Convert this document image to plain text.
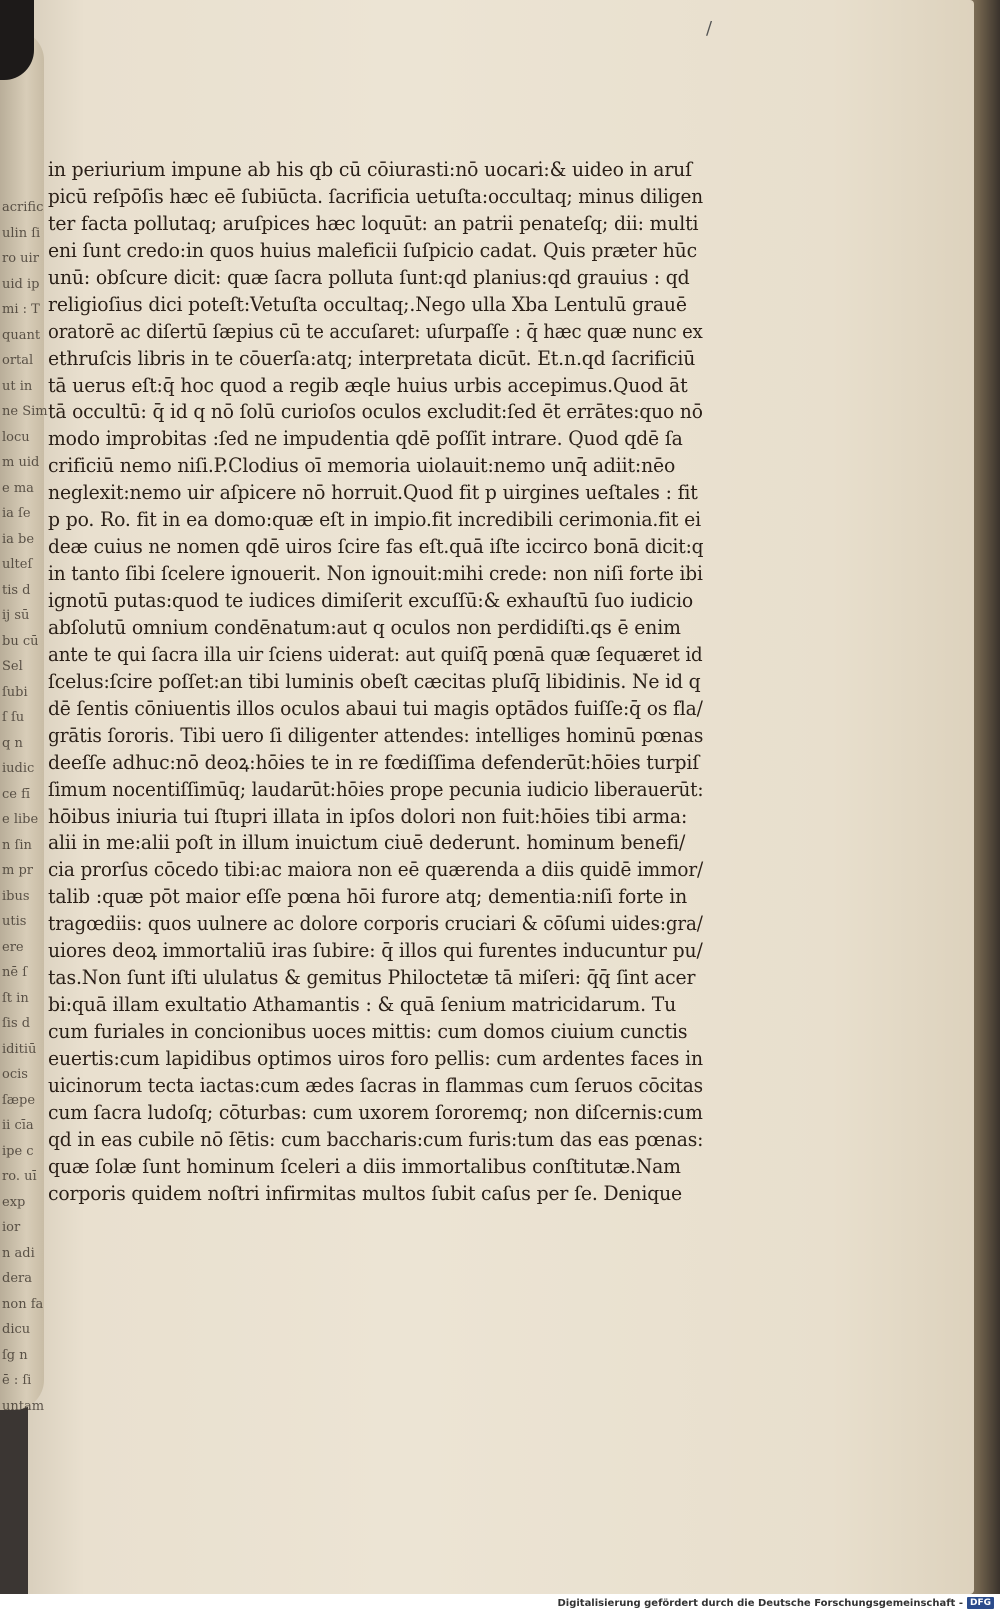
acrific
ulin ſi
ro uir
uid ip
mi : T
quant
ortal
ut in
ne Sim
locu
m uid
e ma
ia ſe
ia be
ulteſ
tis d
ij sū
bu cū
Sel
ſubi
ſ ſu
q n
iudic
ce fī
e libe
n ſin
m pr
ibus
utis
ere
nē ſ
ſt in
ſis d
iditiū
ocis
ſæpe
ii cīa
ipe c
ro. uī
exp
ior
n adi
dera
non fa
dicu
ſg n
ē : ſi
untam
/
in periurium impune ab his qb cū cōiurasti:nō uocari:& uideo in aruſ
picū reſpōſis hæc eē ſubiūcta. ſacrificia uetuſta:occultaq; minus diligen
ter facta pollutaq; aruſpices hæc loquūt: an patrii penateſq; dii: multi
eni ſunt credo:in quos huius maleficii ſuſpicio cadat. Quis præter hūc
unū: obſcure dicit: quæ ſacra polluta ſunt:qd planius:qd grauius : qd
religioſius dici poteſt:Vetuſta occultaq;.Nego ulla Xba Lentulū grauē
oratorē ac diſertū ſæpius cū te accuſaret: uſurpaſſe : q̄ hæc quæ nunc ex
ethruſcis libris in te cōuerſa:atq; interpretata dicūt. Et.n.qd ſacrificiū
tā uerus eſt:q̄ hoc quod a regib æqle huius urbis accepimus.Quod āt
tā occultū: q̄ id q nō ſolū curioſos oculos excludit:ſed ēt errātes:quo nō
modo improbitas :ſed ne impudentia qdē poſſit intrare. Quod qdē ſa
crificiū nemo niſi.P.Clodius oī memoria uiolauit:nemo unq̄ adiit:nēo
neglexit:nemo uir aſpicere nō horruit.Quod fit p uirgines ueſtales : fit
p po. Ro. fit in ea domo:quæ eſt in impio.fit incredibili cerimonia.fit ei
deæ cuius ne nomen qdē uiros ſcire fas eſt.quā iſte iccirco bonā dicit:q
in tanto ſibi ſcelere ignouerit. Non ignouit:mihi crede: non niſi forte ibi
ignotū putas:quod te iudices dimiſerit excuſſū:& exhauſtū ſuo iudicio
abſolutū omnium condēnatum:aut q oculos non perdidiſti.qs ē enim
ante te qui ſacra illa uir ſciens uiderat: aut quiſq̄ pœnā quæ ſequæret id
ſcelus:ſcire poſſet:an tibi luminis obeſt cæcitas pluſq̄ libidinis. Ne id q
dē ſentis cōniuentis illos oculos abaui tui magis optādos fuiſſe:q̄ os fla/
grātis ſororis. Tibi uero ſi diligenter attendes: intelliges hominū pœnas
deeſſe adhuc:nō deoꝝ:hōies te in re fœdiſſima defenderūt:hōies turpiſ
ſimum nocentiſſimūq; laudarūt:hōies prope pecunia iudicio liberauerūt:
hōibus iniuria tui ſtupri illata in ipſos dolori non fuit:hōies tibi arma:
alii in me:alii poſt in illum inuictum ciuē dederunt. hominum benefi/
cia prorſus cōcedo tibi:ac maiora non eē quærenda a diis quidē immor/
talib :quæ pōt maior eſſe pœna hōi furore atq; dementia:niſi forte in
tragœdiis: quos uulnere ac dolore corporis cruciari & cōſumi uides:gra/
uiores deoꝝ immortaliū iras ſubire: q̄ illos qui furentes inducuntur pu/
tas.Non ſunt iſti ululatus & gemitus Philoctetæ tā miſeri: q̄q̄ ſint acer
bi:quā illam exultatio Athamantis : & quā ſenium matricidarum. Tu
cum furiales in concionibus uoces mittis: cum domos ciuium cunctis
euertis:cum lapidibus optimos uiros foro pellis: cum ardentes faces in
uicinorum tecta iactas:cum ædes ſacras in flammas cum ſeruos cōcitas
cum ſacra ludoſq; cōturbas: cum uxorem ſororemq; non diſcernis:cum
qd in eas cubile nō ſētis: cum baccharis:cum furis:tum das eas pœnas:
quæ ſolæ ſunt hominum ſceleri a diis immortalibus conſtitutæ.Nam
corporis quidem noſtri infirmitas multos ſubit caſus per ſe. Denique
Digitalisierung gefördert durch die Deutsche Forschungsgemeinschaft - DFG
